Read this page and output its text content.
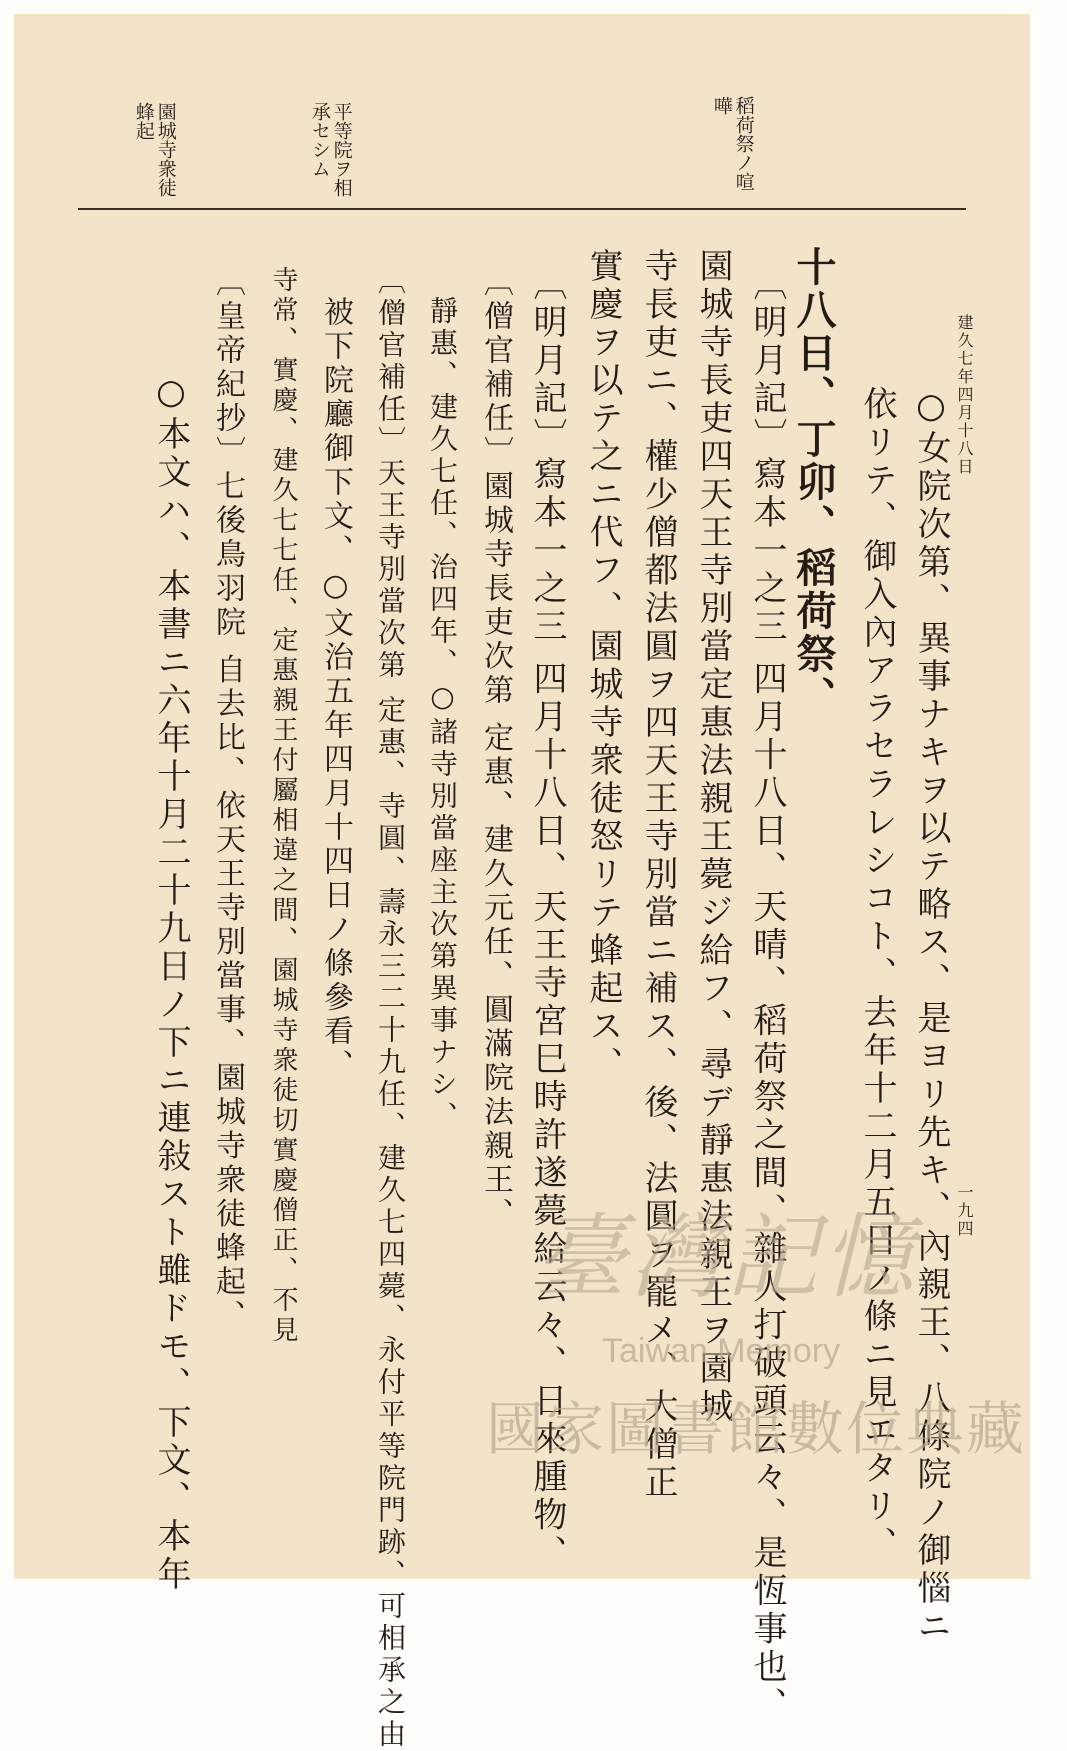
建久七年四月十八日
一九四
稻荷祭ノ喧嘩
平等院ヲ相承セシム
園城寺衆徒蜂起
○女院次第、異事ナキヲ以テ略ス、是ヨリ先キ、內親王、八條院ノ御惱ニ
依リテ、御入內アラセラレシコト、去年十二月五日ノ條ニ見エタリ、
十八日、丁卯、稻荷祭、
〔明月記〕寫本一之三 四月十八日、天晴、稻荷祭之間、雜人打破頭云々、是恆事也、
園城寺長吏四天王寺別當定惠法親王薨ジ給フ、尋デ靜惠法親王ヲ園城
寺長吏ニ、權少僧都法圓ヲ四天王寺別當ニ補ス、後、法圓ヲ罷メ、大僧正
實慶ヲ以テ之ニ代フ、園城寺衆徒怒リテ蜂起ス、
〔明月記〕寫本一之三 四月十八日、天王寺宮巳時許遂薨給云々、日來腫物、
〔僧官補任〕園城寺長吏次第 定惠、建久元任、圓滿院法親王、
靜惠、建久七任、治四年、○諸寺別當座主次第異事ナシ、
〔僧官補任〕天王寺別當次第 定惠、寺圓、壽永三二十九任、建久七四薨、永付平等院門跡、可相承之由
被下院廳御下文、○文治五年四月十四日ノ條參看、
寺常、實慶、建久七七任、定惠親王付屬相違之間、園城寺衆徒切實慶僧正、不見
〔皇帝紀抄〕七後鳥羽院 自去比、依天王寺別當事、園城寺衆徒蜂起、
○本文ハ、本書ニ六年十月二十九日ノ下ニ連敍スト雖ドモ、下文、本年	臺灣記憶
Taiwan Memory
國家圖書館數位典藏
